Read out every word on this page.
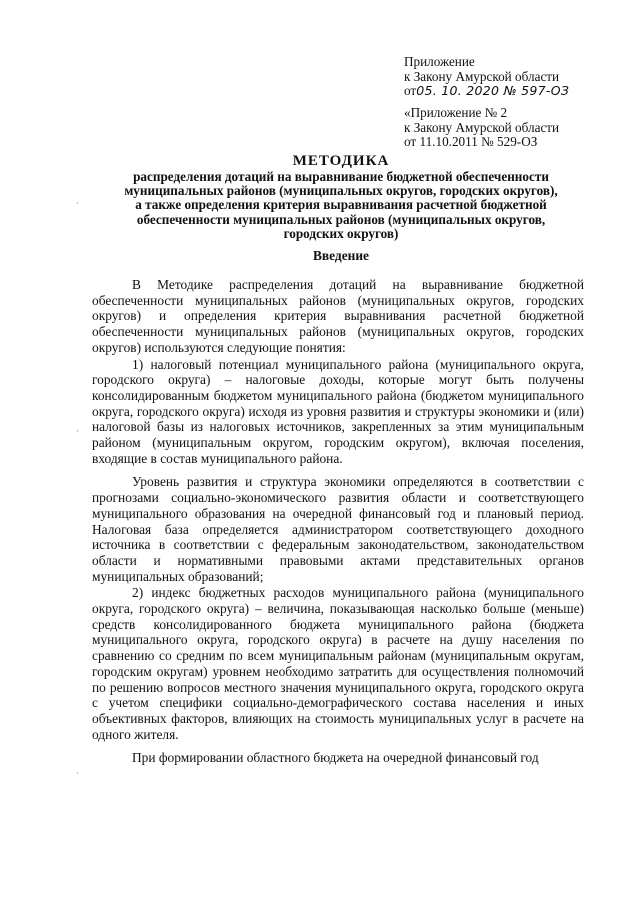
Приложение
к Закону Амурской области
от05. 10. 2020 № 597-ОЗ
«Приложение № 2
к Закону Амурской области
от 11.10.2011 № 529-ОЗ
МЕТОДИКА
распределения дотаций на выравнивание бюджетной обеспеченности
муниципальных районов (муниципальных округов, городских округов),
а также определения критерия выравнивания расчетной бюджетной
обеспеченности муниципальных районов (муниципальных округов,
городских округов)
Введение

В Методике распределения дотаций на выравнивание бюджетной обеспеченности муниципальных районов (муниципальных округов, городских округов) и определения критерия выравнивания расчетной бюджетной обеспеченности муниципальных районов (муниципальных округов, городских округов) используются следующие понятия:

1) налоговый потенциал муниципального района (муниципального округа, городского округа) – налоговые доходы, которые могут быть получены консолидированным бюджетом муниципального района (бюджетом муниципального округа, городского округа) исходя из уровня развития и структуры экономики и (или) налоговой базы из налоговых источников, закрепленных за этим муниципальным районом (муниципальным округом, городским округом), включая поселения, входящие в состав муниципального района.

Уровень развития и структура экономики определяются в соответствии с прогнозами социально-экономического развития области и соответствующего муниципального образования на очередной финансовый год и плановый период. Налоговая база определяется администратором соответствующего доходного источника в соответствии с федеральным законодательством, законодательством области и нормативными правовыми актами представительных органов муниципальных образований;

2) индекс бюджетных расходов муниципального района (муниципального округа, городского округа) – величина, показывающая насколько больше (меньше) средств консолидированного бюджета муниципального района (бюджета муниципального округа, городского округа) в расчете на душу населения по сравнению со средним по всем муниципальным районам (муниципальным округам, городским округам) уровнем необходимо затратить для осуществления полномочий по решению вопросов местного значения муниципального округа, городского округа с учетом специфики социально-демографического состава населения и иных объективных факторов, влияющих на стоимость муниципальных услуг в расчете на одного жителя.

При формировании областного бюджета на очередной финансовый год

·
·
·
